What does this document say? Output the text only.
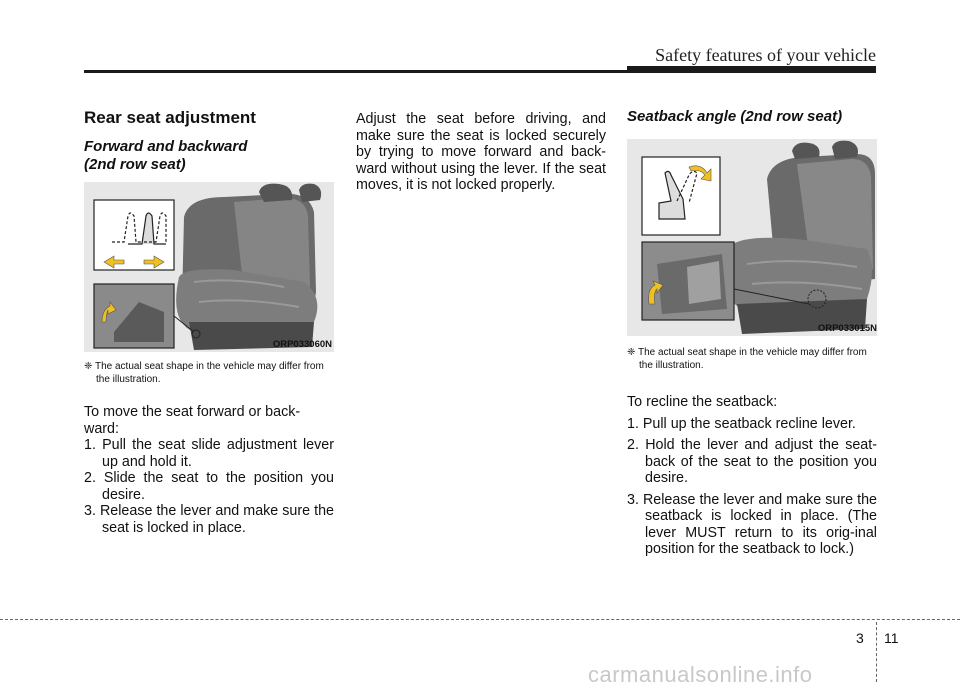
Safety features of your vehicle
Rear seat adjustment
Forward and backward
(2nd row seat)
ORP033060N
❈ The actual seat shape in the vehicle may differ from the illustration.
To move the seat forward or back-ward:
1. Pull the seat slide adjustment lever up and hold it.
2. Slide the seat to the position you desire.
3. Release the lever and make sure the seat is locked in place.
Adjust the seat before driving, and make sure the seat is locked securely by trying to move forward and back-ward without using the lever. If the seat moves, it is not locked properly.
Seatback angle (2nd row seat)
ORP033015N
❈ The actual seat shape in the vehicle may differ from the illustration.
To recline the seatback:
1. Pull up the seatback recline lever.
2. Hold the lever and adjust the seat-back of the seat to the position you desire.
3. Release the lever and make sure the seatback is locked in place. (The lever MUST return to its orig-inal position for the seatback to lock.)
3 11
carmanualsonline.info
